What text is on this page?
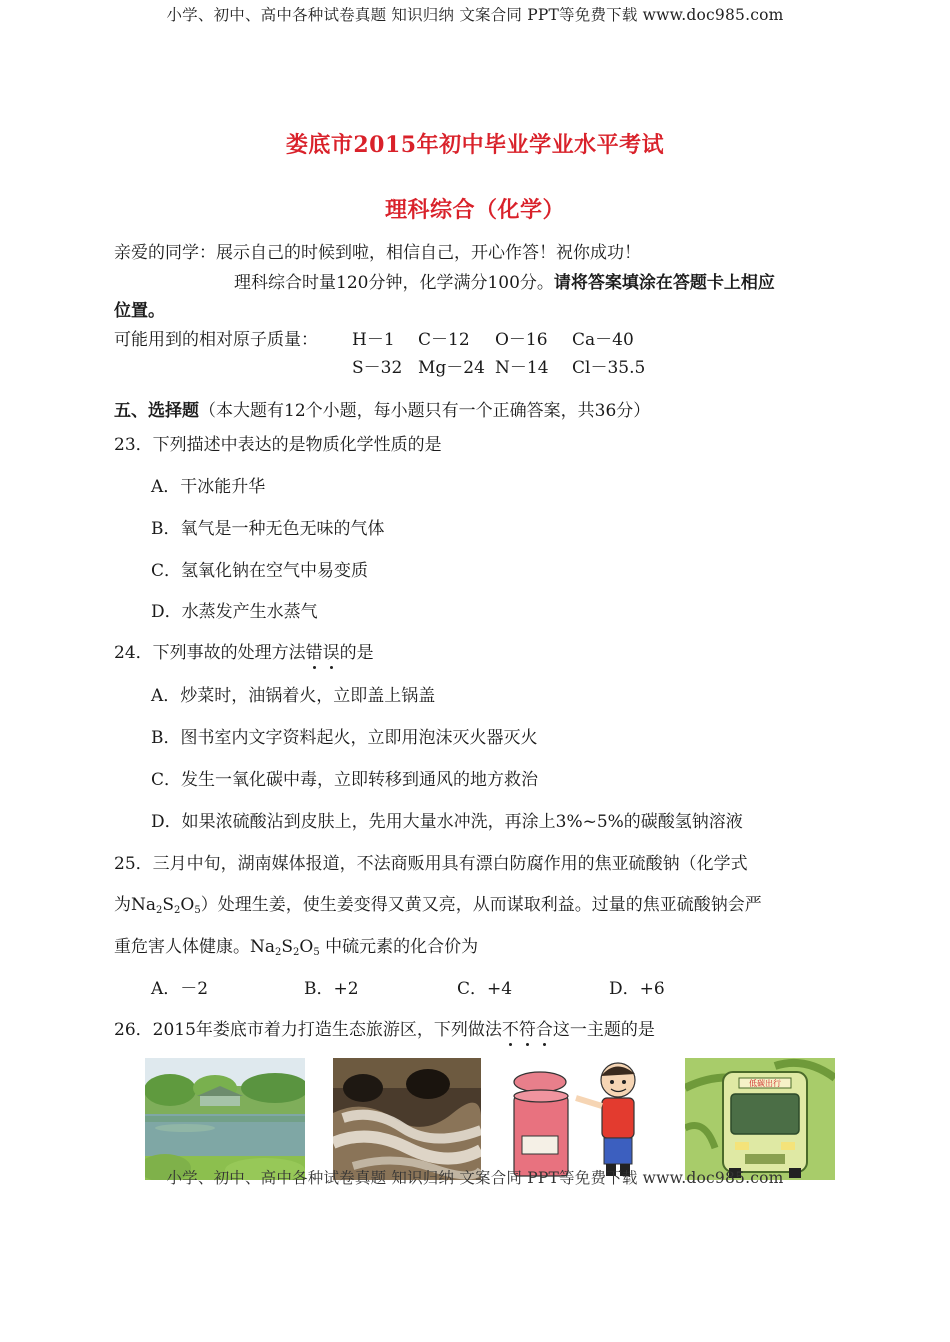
小学、初中、高中各种试卷真题 知识归纳 文案合同 PPT等免费下载 www.doc985.com
娄底市2015年初中毕业学业水平考试
理科综合（化学）
亲爱的同学：展示自己的时候到啦，相信自己，开心作答！祝你成功！
理科综合时量120分钟，化学满分100分。请将答案填涂在答题卡上相应
位置。
可能用到的相对原子质量： H－1 C－12 O－16 Ca－40
S－32 Mg－24 N－14 Cl－35.5
五、选择题（本大题有12个小题，每小题只有一个正确答案，共36分）
23．下列描述中表达的是物质化学性质的是
A．干冰能升华
B．氧气是一种无色无味的气体
C．氢氧化钠在空气中易变质
D．水蒸发产生水蒸气
24．下列事故的处理方法错误的是
A．炒菜时，油锅着火，立即盖上锅盖
B．图书室内文字资料起火，立即用泡沫灭火器灭火
C．发生一氧化碳中毒，立即转移到通风的地方救治
D．如果浓硫酸沾到皮肤上，先用大量水冲洗，再涂上3%~5%的碳酸氢钠溶液
25．三月中旬，湖南媒体报道，不法商贩用具有漂白防腐作用的焦亚硫酸钠（化学式
为$Na_2S_2O_5$）处理生姜，使生姜变得又黄又亮，从而谋取利益。过量的焦亚硫酸钠会严
重危害人体健康。$Na_2S_2O_5$ 中硫元素的化合价为
A．－2	B．+2	C．+4	D．+6
26．2015年娄底市着力打造生态旅游区，下列做法不符合这一主题的是
低碳出行
小学、初中、高中各种试卷真题 知识归纳 文案合同 PPT等免费下载 www.doc985.com
